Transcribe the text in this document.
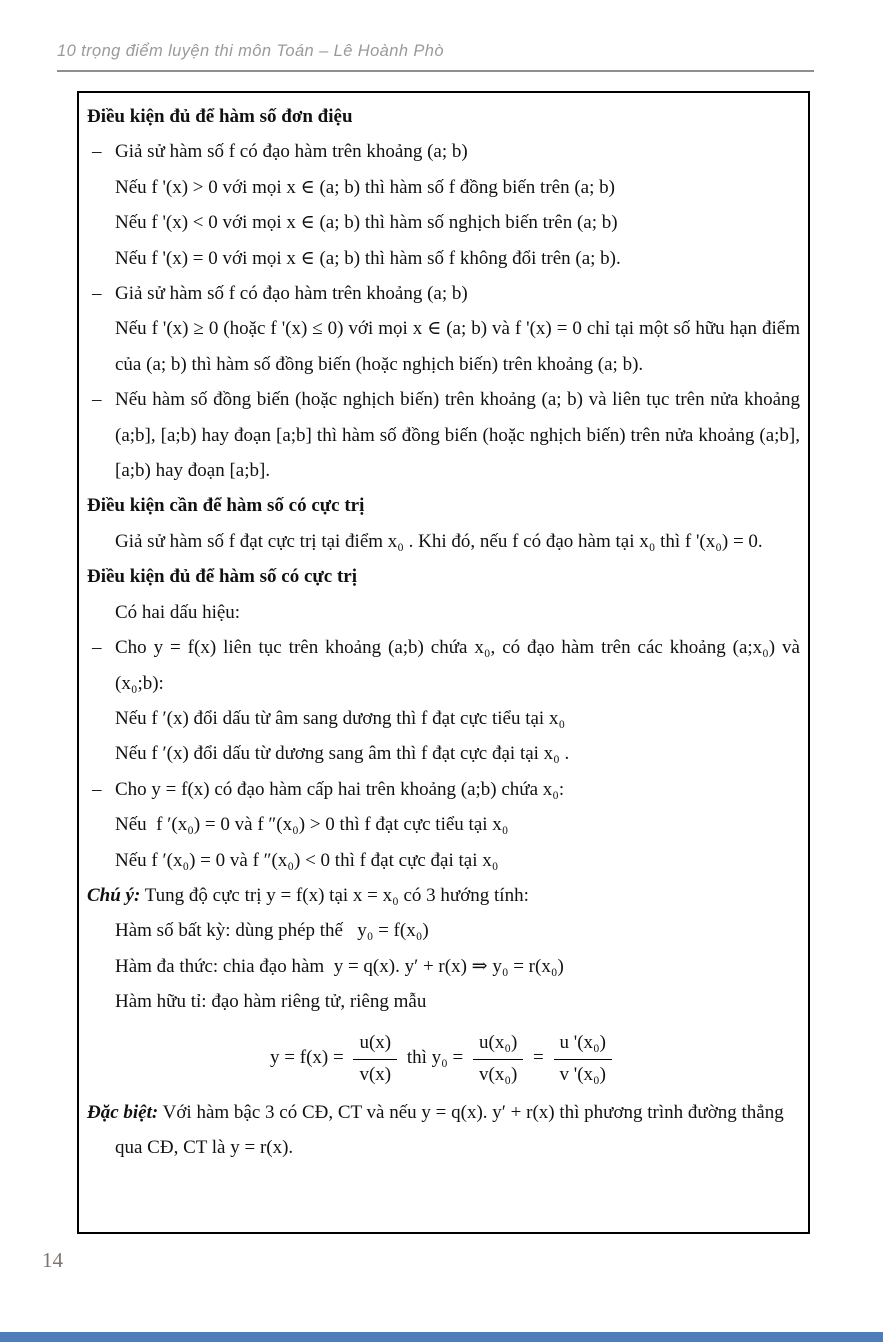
10 trọng điểm luyện thi môn Toán – Lê Hoành Phò

Điều kiện đủ để hàm số đơn điệu

– Giả sử hàm số f có đạo hàm trên khoảng (a; b)

Nếu f '(x) > 0 với mọi x ∈ (a; b) thì hàm số f đồng biến trên (a; b)

Nếu f '(x) < 0 với mọi x ∈ (a; b) thì hàm số nghịch biến trên (a; b)

Nếu f '(x) = 0 với mọi x ∈ (a; b) thì hàm số f không đổi trên (a; b).

– Giả sử hàm số f có đạo hàm trên khoảng (a; b)

Nếu f '(x) ≥ 0 (hoặc f '(x) ≤ 0) với mọi x ∈ (a; b) và f '(x) = 0 chỉ tại một số hữu hạn điểm của (a; b) thì hàm số đồng biến (hoặc nghịch biến) trên khoảng (a; b).

– Nếu hàm số đồng biến (hoặc nghịch biến) trên khoảng (a; b) và liên tục trên nửa khoảng (a;b], [a;b) hay đoạn [a;b] thì hàm số đồng biến (hoặc nghịch biến) trên nửa khoảng (a;b], [a;b) hay đoạn [a;b].

Điều kiện cần để hàm số có cực trị

Giả sử hàm số f đạt cực trị tại điểm x₀ . Khi đó, nếu f có đạo hàm tại x₀ thì f '(x₀) = 0.

Điều kiện đủ để hàm số có cực trị

Có hai dấu hiệu:

– Cho y = f(x) liên tục trên khoảng (a;b) chứa x₀, có đạo hàm trên các khoảng (a;x₀) và (x₀;b):

Nếu f ′(x) đổi dấu từ âm sang dương thì f đạt cực tiểu tại x₀

Nếu f ′(x) đổi dấu từ dương sang âm thì f đạt cực đại tại x₀ .

– Cho y = f(x) có đạo hàm cấp hai trên khoảng (a;b) chứa x₀:

Nếu  f ′(x₀) = 0 và f ″(x₀) > 0 thì f đạt cực tiểu tại x₀

Nếu f ′(x₀) = 0 và f ″(x₀) < 0 thì f đạt cực đại tại x₀

Chú ý: Tung độ cực trị y = f(x) tại x = x₀ có 3 hướng tính:

Hàm số bất kỳ: dùng phép thế   y₀ = f(x₀)

Hàm đa thức: chia đạo hàm  y = q(x). y′ + r(x) ⇒ y₀ = r(x₀)

Hàm hữu tỉ: đạo hàm riêng tử, riêng mẫu

$y = f(x) = \frac{u(x)}{v(x)}$ thì $y_0 = \frac{\text{u(x₀)}}{\text{v(x₀)}} = \frac{\text{u '(x₀)}}{\text{v '(x₀)}}$

Đặc biệt: Với hàm bậc 3 có CĐ, CT và nếu y = q(x). y′ + r(x) thì phương trình đường thẳng qua CĐ, CT là y = r(x).

14
